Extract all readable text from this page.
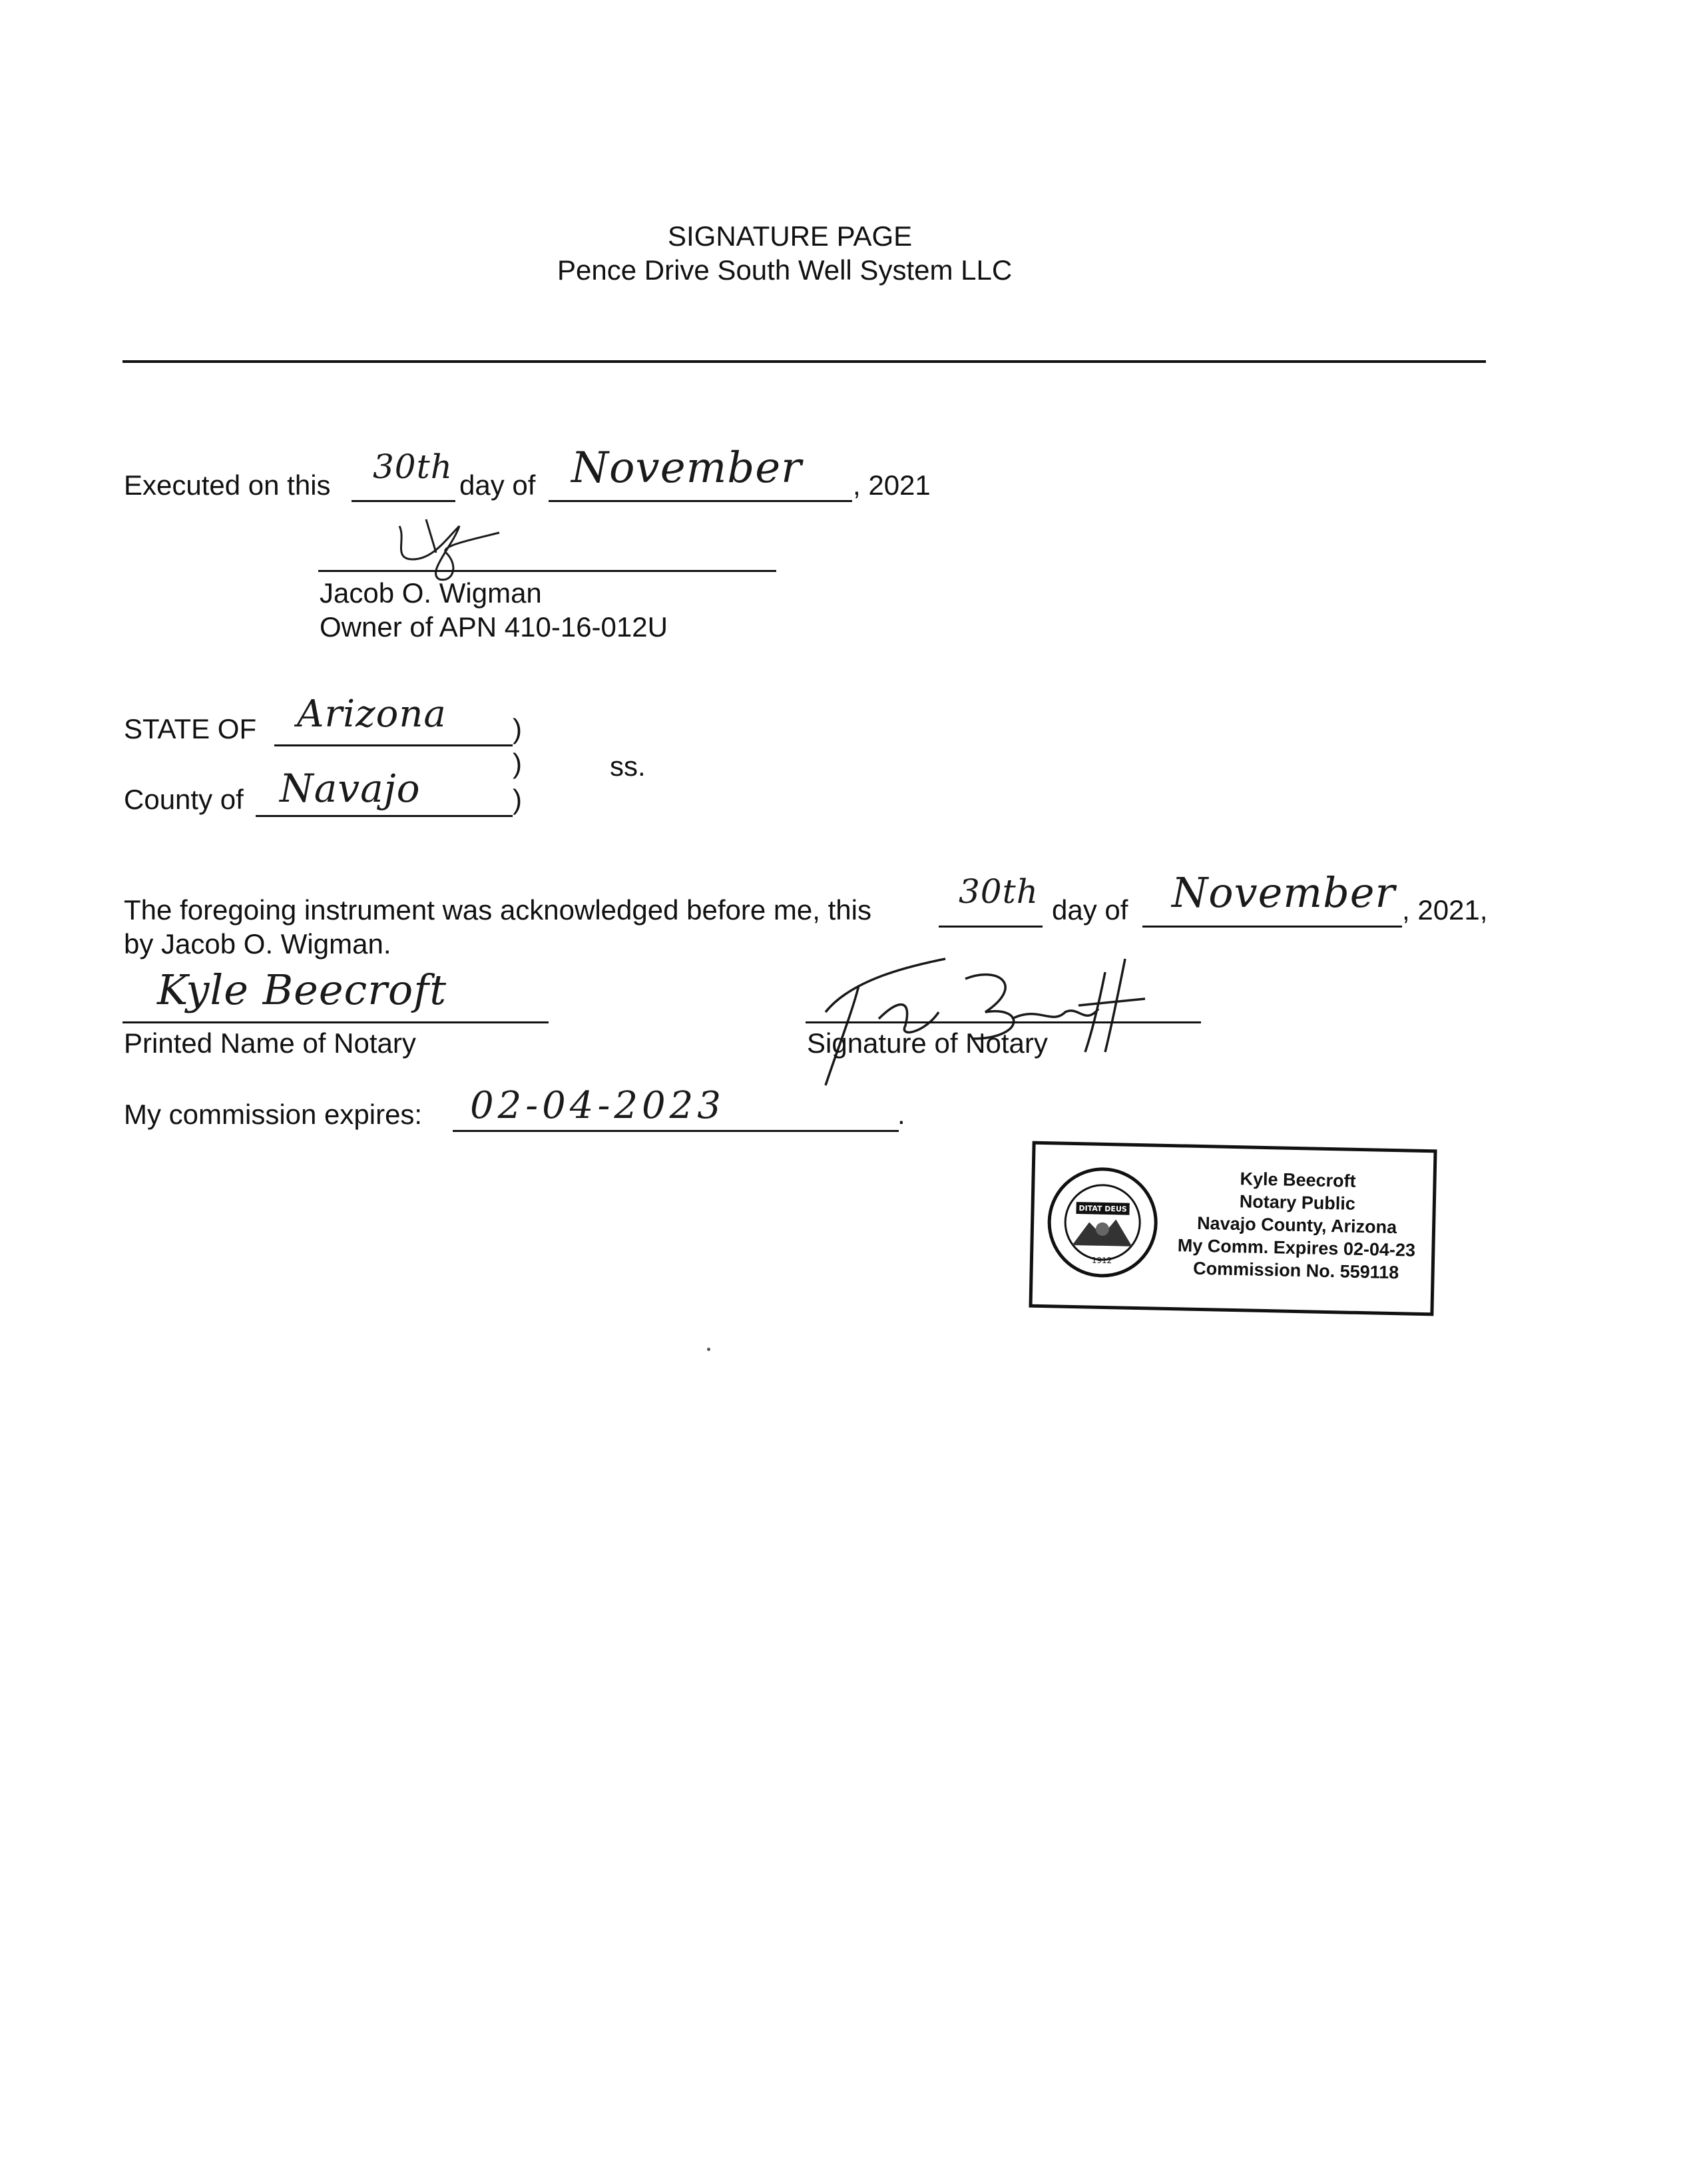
SIGNATURE PAGE
Pence Drive South Well System LLC
Executed on this 30th day of November , 2021
Jacob O. Wigman
Owner of APN 410-16-012U
STATE OF Arizona )
)	ss.
County of Navajo	)
The foregoing instrument was acknowledged before me, this	30th day of November , 2021,
by Jacob O. Wigman.
Kyle Beecroft
Printed Name of Notary	Signature of Notary
My commission expires: 02-04-2023	.
1912
DITAT DEUS
Kyle Beecroft
Notary Public
Navajo County, Arizona
My Comm. Expires 02-04-23
Commission No. 559118
